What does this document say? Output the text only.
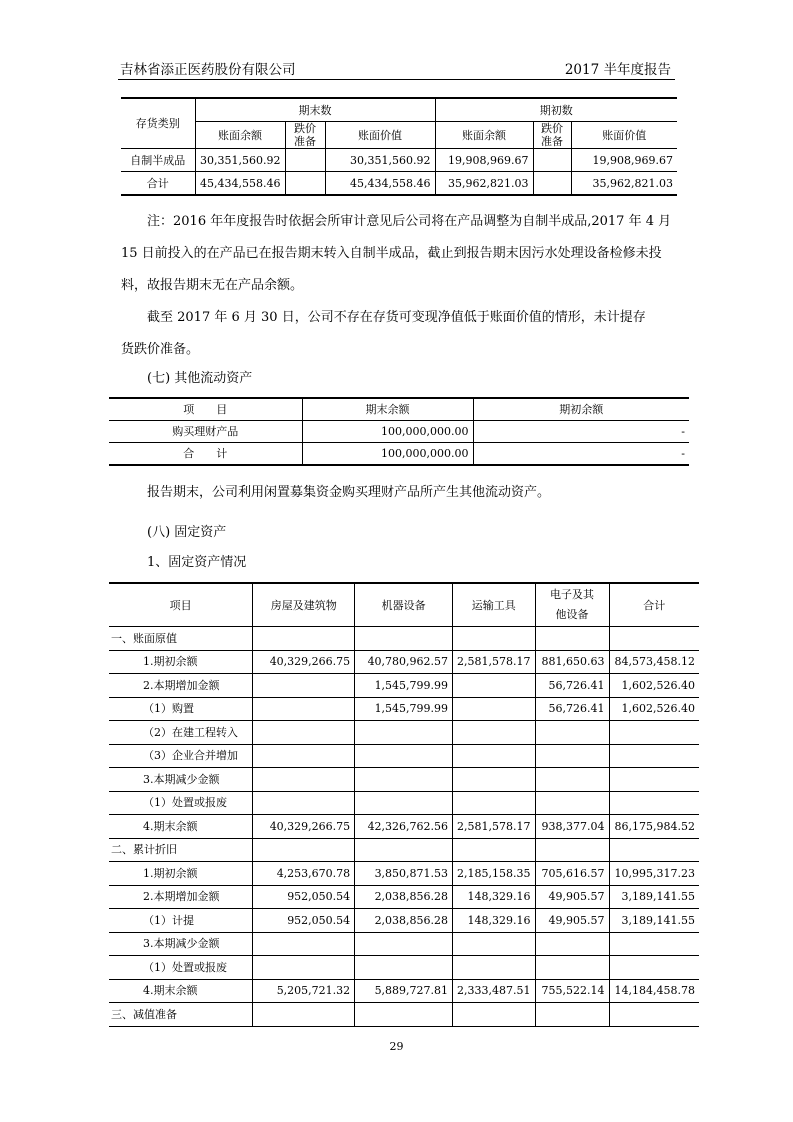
吉林省添正医药股份有限公司	2017 半年度报告
存货类别	期末数			期初数		
	账面余额	跌价准备	账面价值	账面余额	跌价准备	账面价值
自制半成品	30,351,560.92		30,351,560.92	19,908,969.67		19,908,969.67
合计	45,434,558.46		45,434,558.46	35,962,821.03		35,962,821.03
注：2016 年年度报告时依据会所审计意见后公司将在产品调整为自制半成品,2017 年 4 月
15 日前投入的在产品已在报告期末转入自制半成品，截止到报告期末因污水处理设备检修未投
料，故报告期末无在产品余额。
截至 2017 年 6 月 30 日，公司不存在存货可变现净值低于账面价值的情形，未计提存
货跌价准备。
(七) 其他流动资产
项　　目	期末余额	期初余额
购买理财产品	100,000,000.00	-
合　　计	100,000,000.00	-
报告期末，公司利用闲置募集资金购买理财产品所产生其他流动资产。
(八) 固定资产
1、固定资产情况
项目	房屋及建筑物	机器设备	运输工具	电子及其他设备	合计
一、账面原值					
1.期初余额	40,329,266.75	40,780,962.57	2,581,578.17	881,650.63	84,573,458.12
2.本期增加金额		1,545,799.99		56,726.41	1,602,526.40
（1）购置		1,545,799.99		56,726.41	1,602,526.40
（2）在建工程转入					
（3）企业合并增加					
3.本期减少金额					
（1）处置或报废					
4.期末余额	40,329,266.75	42,326,762.56	2,581,578.17	938,377.04	86,175,984.52
二、累计折旧					
1.期初余额	4,253,670.78	3,850,871.53	2,185,158.35	705,616.57	10,995,317.23
2.本期增加金额	952,050.54	2,038,856.28	148,329.16	49,905.57	3,189,141.55
（1）计提	952,050.54	2,038,856.28	148,329.16	49,905.57	3,189,141.55
3.本期减少金额					
（1）处置或报废					
4.期末余额	5,205,721.32	5,889,727.81	2,333,487.51	755,522.14	14,184,458.78
三、减值准备					
29
